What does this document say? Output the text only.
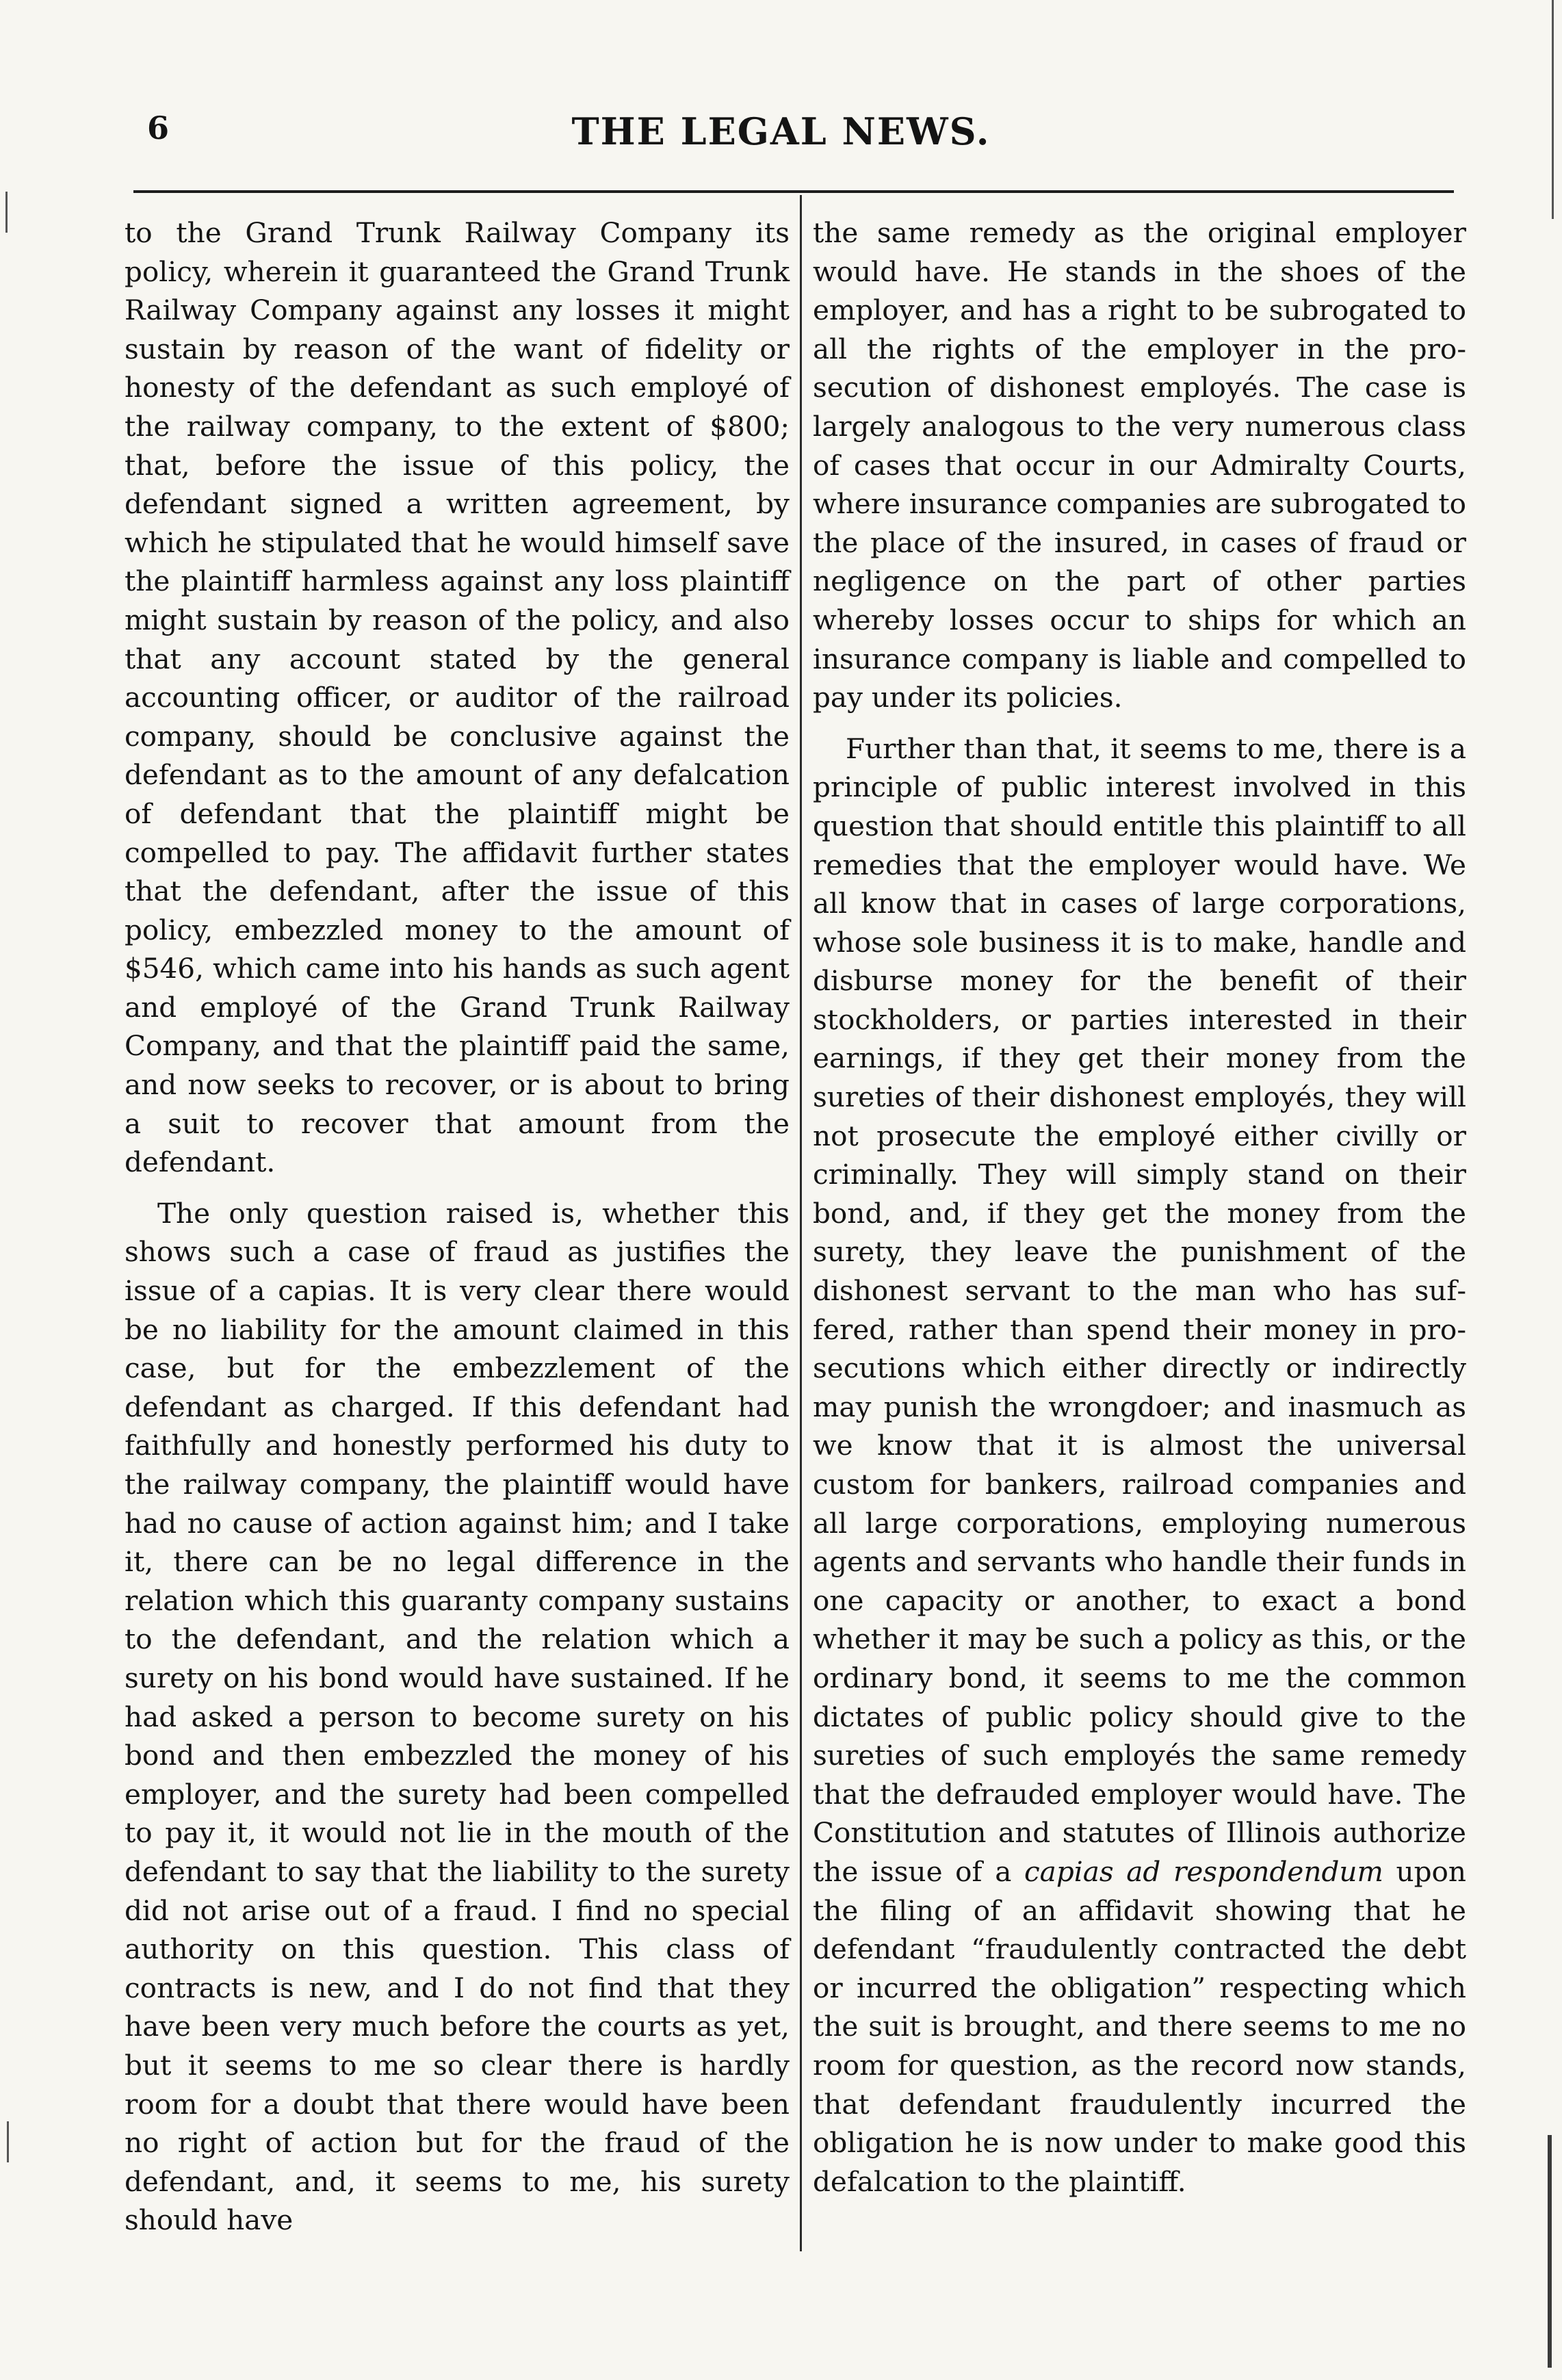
6	THE LEGAL NEWS.

to the Grand Trunk Railway Company its policy, wherein it guaranteed the Grand Trunk Railway Company against any losses it might sustain by reason of the want of fidelity or honesty of the defendant as such employé of the railway company, to the extent of $800; that, before the issue of this policy, the defendant signed a written agreement, by which he stipulated that he would himself save the plaintiff harmless against any loss plaintiff might sustain by reason of the policy, and also that any account stated by the general accounting officer, or auditor of the railroad company, should be conclusive against the defendant as to the amount of any defalcation of defendant that the plaintiff might be compelled to pay. The affidavit further states that the defendant, after the issue of this policy, embezzled money to the amount of $546, which came into his hands as such agent and employé of the Grand Trunk Railway Company, and that the plaintiff paid the same, and now seeks to recover, or is about to bring a suit to recover that amount from the defendant.

The only question raised is, whether this shows such a case of fraud as justifies the issue of a capias. It is very clear there would be no liability for the amount claimed in this case, but for the embezzlement of the defendant as charged. If this defendant had faithfully and honestly performed his duty to the railway company, the plaintiff would have had no cause of action against him; and I take it, there can be no legal difference in the relation which this guaranty company sustains to the defendant, and the relation which a surety on his bond would have sustained. If he had asked a person to become surety on his bond and then embezzled the money of his employer, and the surety had been compelled to pay it, it would not lie in the mouth of the defendant to say that the liability to the surety did not arise out of a fraud. I find no special authority on this question. This class of contracts is new, and I do not find that they have been very much before the courts as yet, but it seems to me so clear there is hardly room for a doubt that there would have been no right of action but for the fraud of the defendant, and, it seems to me, his surety should have

the same remedy as the original employer would have. He stands in the shoes of the employer, and has a right to be subrogated to all the rights of the employer in the prosecution of dishonest employés. The case is largely analogous to the very numerous class of cases that occur in our Admiralty Courts, where insurance companies are subrogated to the place of the insured, in cases of fraud or negligence on the part of other parties whereby losses occur to ships for which an insurance company is liable and compelled to pay under its policies.

Further than that, it seems to me, there is a principle of public interest involved in this question that should entitle this plaintiff to all remedies that the employer would have. We all know that in cases of large corporations, whose sole business it is to make, handle and disburse money for the benefit of their stockholders, or parties interested in their earnings, if they get their money from the sureties of their dishonest employés, they will not prosecute the employé either civilly or criminally. They will simply stand on their bond, and, if they get the money from the surety, they leave the punishment of the dishonest servant to the man who has suffered, rather than spend their money in prosecutions which either directly or indirectly may punish the wrongdoer; and inasmuch as we know that it is almost the universal custom for bankers, railroad companies and all large corporations, employing numerous agents and servants who handle their funds in one capacity or another, to exact a bond whether it may be such a policy as this, or the ordinary bond, it seems to me the common dictates of public policy should give to the sureties of such employés the same remedy that the defrauded employer would have. The Constitution and statutes of Illinois authorize the issue of a capias ad respondendum upon the filing of an affidavit showing that he defendant “fraudulently contracted the debt or incurred the obligation” respecting which the suit is brought, and there seems to me no room for question, as the record now stands, that defendant fraudulently incurred the obligation he is now under to make good this defalcation to the plaintiff.
